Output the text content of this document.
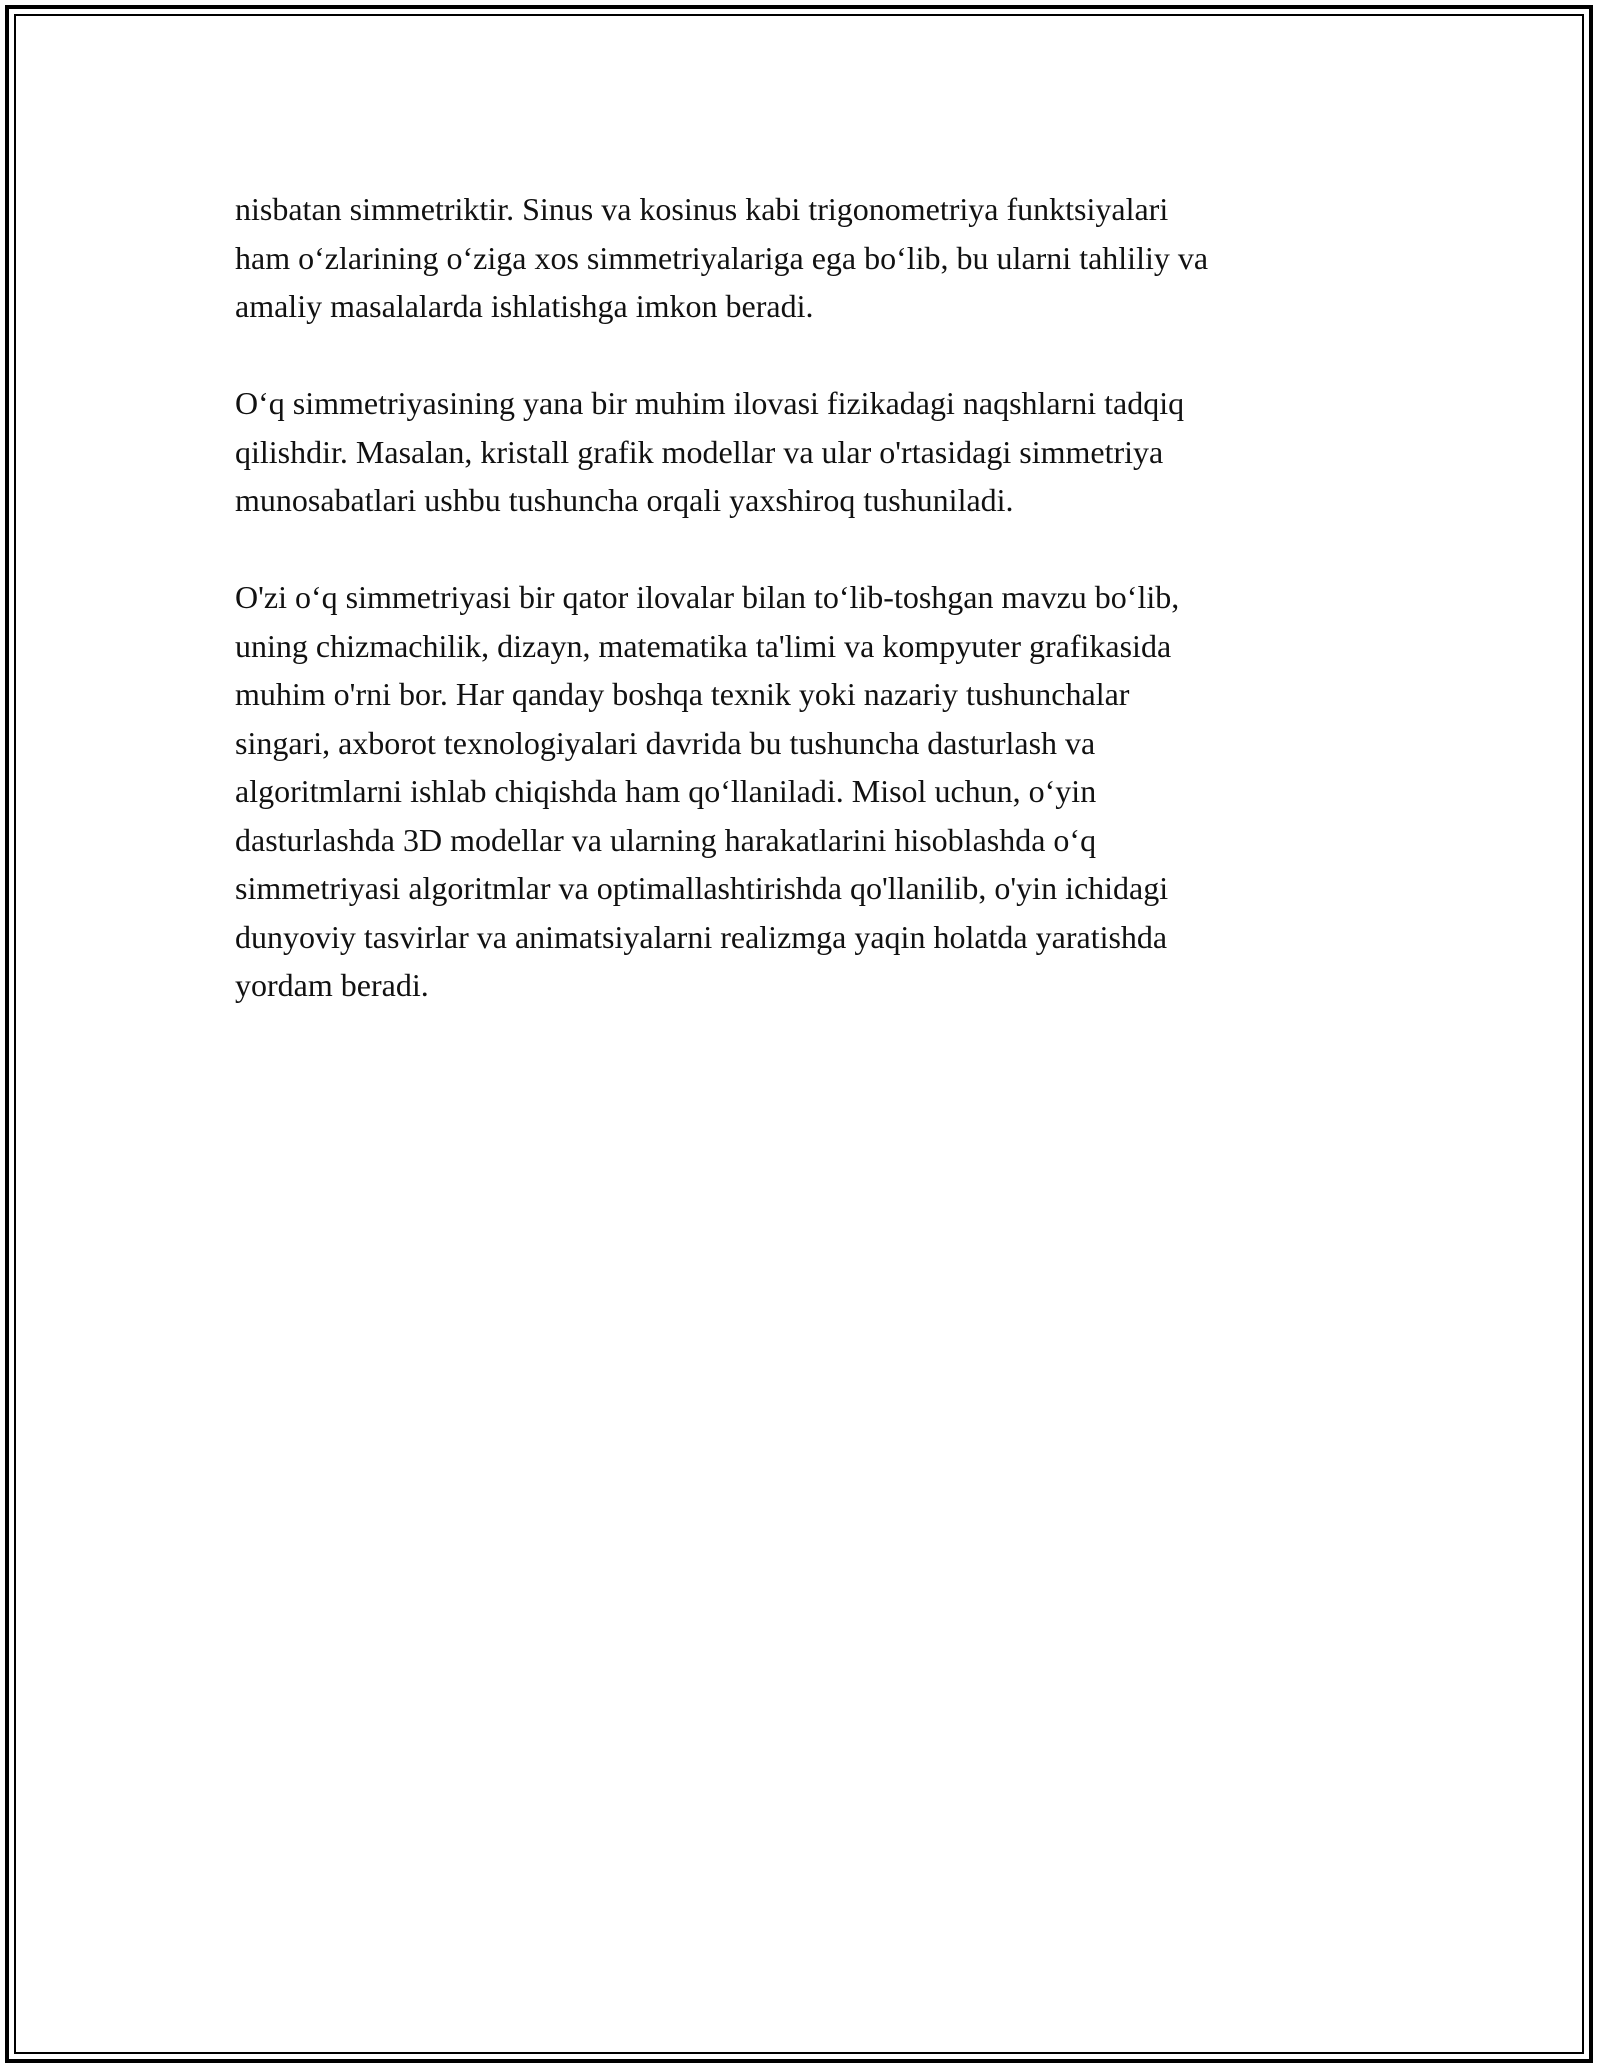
nisbatan simmetriktir. Sinus va kosinus kabi trigonometriya funktsiyalari
ham o‘zlarining o‘ziga xos simmetriyalariga ega bo‘lib, bu ularni tahliliy va
amaliy masalalarda ishlatishga imkon beradi.

O‘q simmetriyasining yana bir muhim ilovasi fizikadagi naqshlarni tadqiq
qilishdir. Masalan, kristall grafik modellar va ular o'rtasidagi simmetriya
munosabatlari ushbu tushuncha orqali yaxshiroq tushuniladi.

O'zi o‘q simmetriyasi bir qator ilovalar bilan to‘lib-toshgan mavzu bo‘lib,
uning chizmachilik, dizayn, matematika ta'limi va kompyuter grafikasida
muhim o'rni bor. Har qanday boshqa texnik yoki nazariy tushunchalar
singari, axborot texnologiyalari davrida bu tushuncha dasturlash va
algoritmlarni ishlab chiqishda ham qo‘llaniladi. Misol uchun, o‘yin
dasturlashda 3D modellar va ularning harakatlarini hisoblashda o‘q
simmetriyasi algoritmlar va optimallashtirishda qo'llanilib, o'yin ichidagi
dunyoviy tasvirlar va animatsiyalarni realizmga yaqin holatda yaratishda
yordam beradi.
